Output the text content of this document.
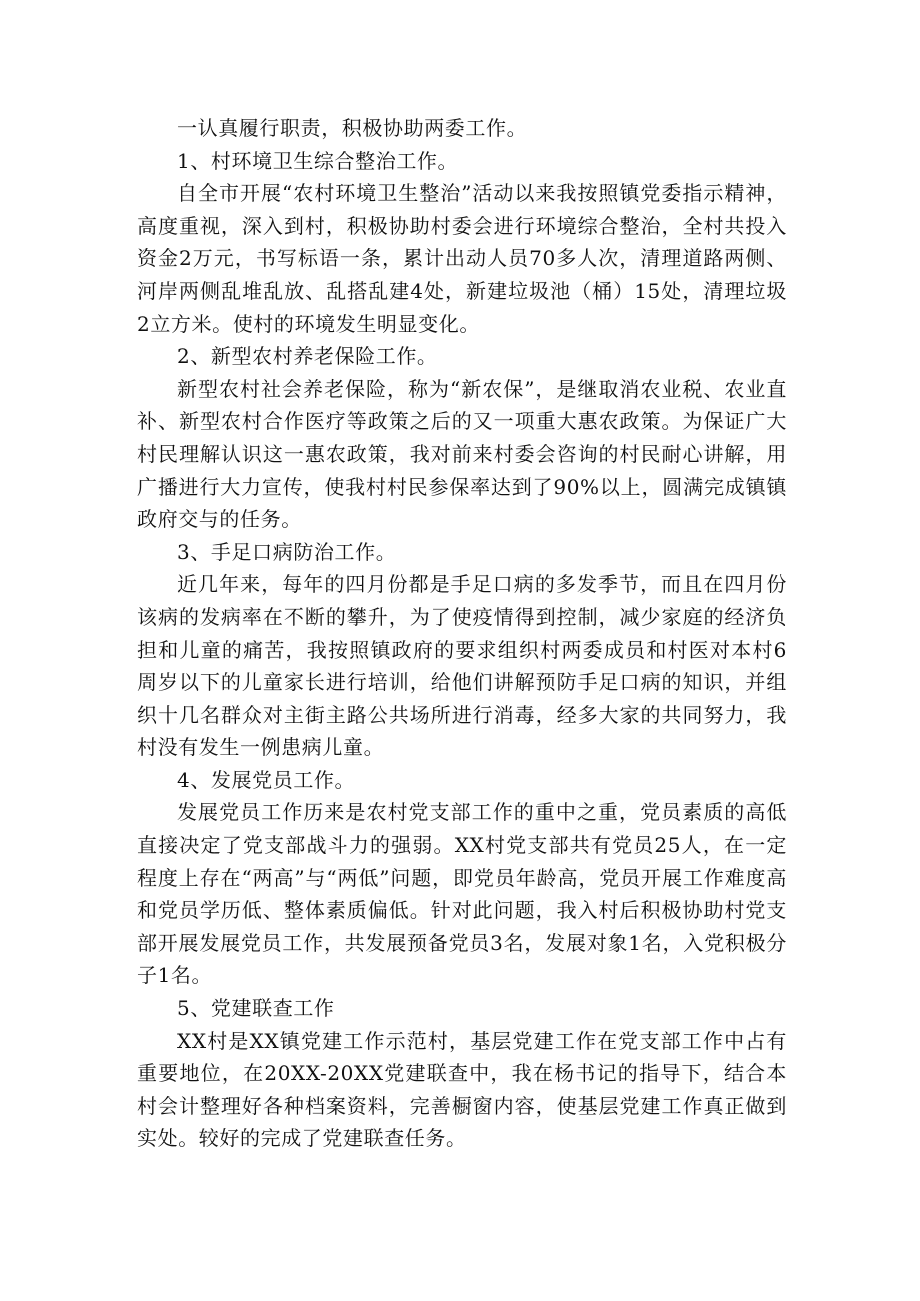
一认真履行职责，积极协助两委工作。

1、村环境卫生综合整治工作。

自全市开展“农村环境卫生整治”活动以来我按照镇党委指示精神，高度重视，深入到村，积极协助村委会进行环境综合整治，全村共投入资金2万元，书写标语一条，累计出动人员70多人次，清理道路两侧、河岸两侧乱堆乱放、乱搭乱建4处，新建垃圾池（桶）15处，清理垃圾2立方米。使村的环境发生明显变化。

2、新型农村养老保险工作。

新型农村社会养老保险，称为“新农保”，是继取消农业税、农业直补、新型农村合作医疗等政策之后的又一项重大惠农政策。为保证广大村民理解认识这一惠农政策，我对前来村委会咨询的村民耐心讲解，用广播进行大力宣传，使我村村民参保率达到了90%以上，圆满完成镇镇政府交与的任务。

3、手足口病防治工作。

近几年来，每年的四月份都是手足口病的多发季节，而且在四月份该病的发病率在不断的攀升，为了使疫情得到控制，减少家庭的经济负担和儿童的痛苦，我按照镇政府的要求组织村两委成员和村医对本村6周岁以下的儿童家长进行培训，给他们讲解预防手足口病的知识，并组织十几名群众对主街主路公共场所进行消毒，经多大家的共同努力，我村没有发生一例患病儿童。

4、发展党员工作。

发展党员工作历来是农村党支部工作的重中之重，党员素质的高低直接决定了党支部战斗力的强弱。XX村党支部共有党员25人，在一定程度上存在“两高”与“两低”问题，即党员年龄高，党员开展工作难度高和党员学历低、整体素质偏低。针对此问题，我入村后积极协助村党支部开展发展党员工作，共发展预备党员3名，发展对象1名，入党积极分子1名。

5、党建联查工作

XX村是XX镇党建工作示范村，基层党建工作在党支部工作中占有重要地位，在20XX-20XX党建联查中，我在杨书记的指导下，结合本村会计整理好各种档案资料，完善橱窗内容，使基层党建工作真正做到实处。较好的完成了党建联查任务。
